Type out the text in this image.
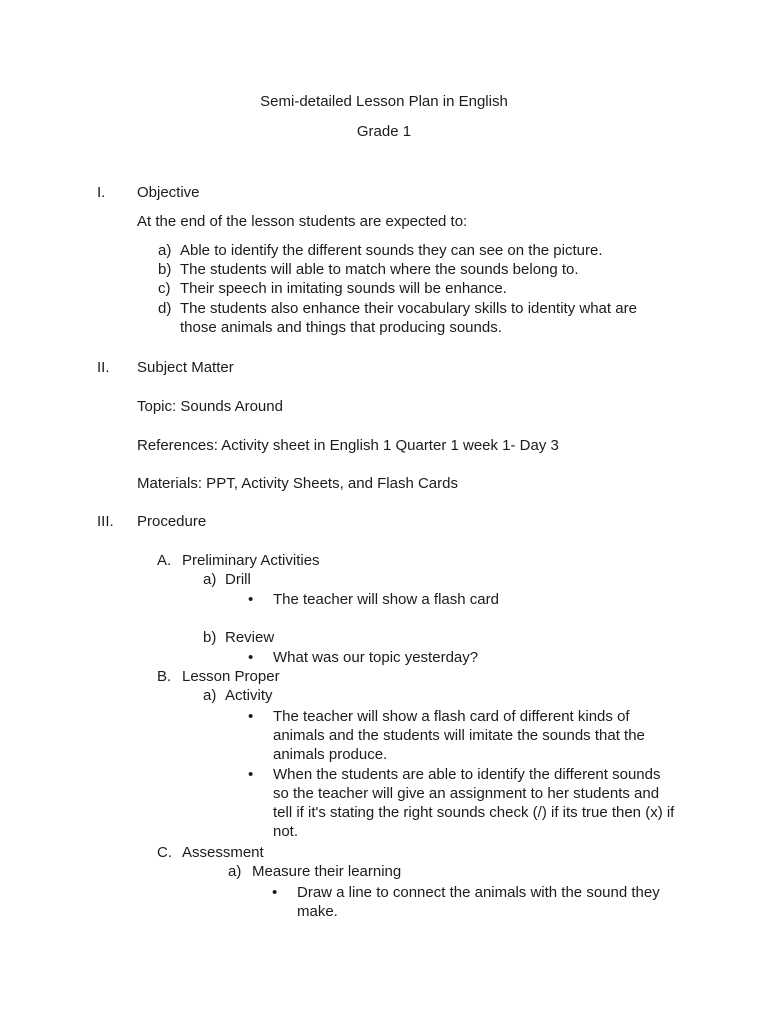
Semi-detailed Lesson Plan in English
Grade 1
I.	Objective
At the end of the lesson students are expected to:
a) Able to identify the different sounds they can see on the picture.
b) The students will able to match where the sounds belong to.
c) Their speech in imitating sounds will be enhance.
d) The students also enhance their vocabulary skills to identity what are those animals and things that producing sounds.
II.	Subject Matter
Topic: Sounds Around
References: Activity sheet in English 1 Quarter 1 week 1- Day 3
Materials: PPT, Activity Sheets, and Flash Cards
III.	Procedure
A. Preliminary Activities
a) Drill
•	The teacher will show a flash card
b) Review
•	What was our topic yesterday?
B. Lesson Proper
a) Activity
•	The teacher will show a flash card of different kinds of animals and the students will imitate the sounds that the animals produce.
•	When the students are able to identify the different sounds so the teacher will give an assignment to her students and tell if it's stating the right sounds check (/) if its true then (x) if not.
C. Assessment
a) Measure their learning
•	Draw a line to connect the animals with the sound they make.
